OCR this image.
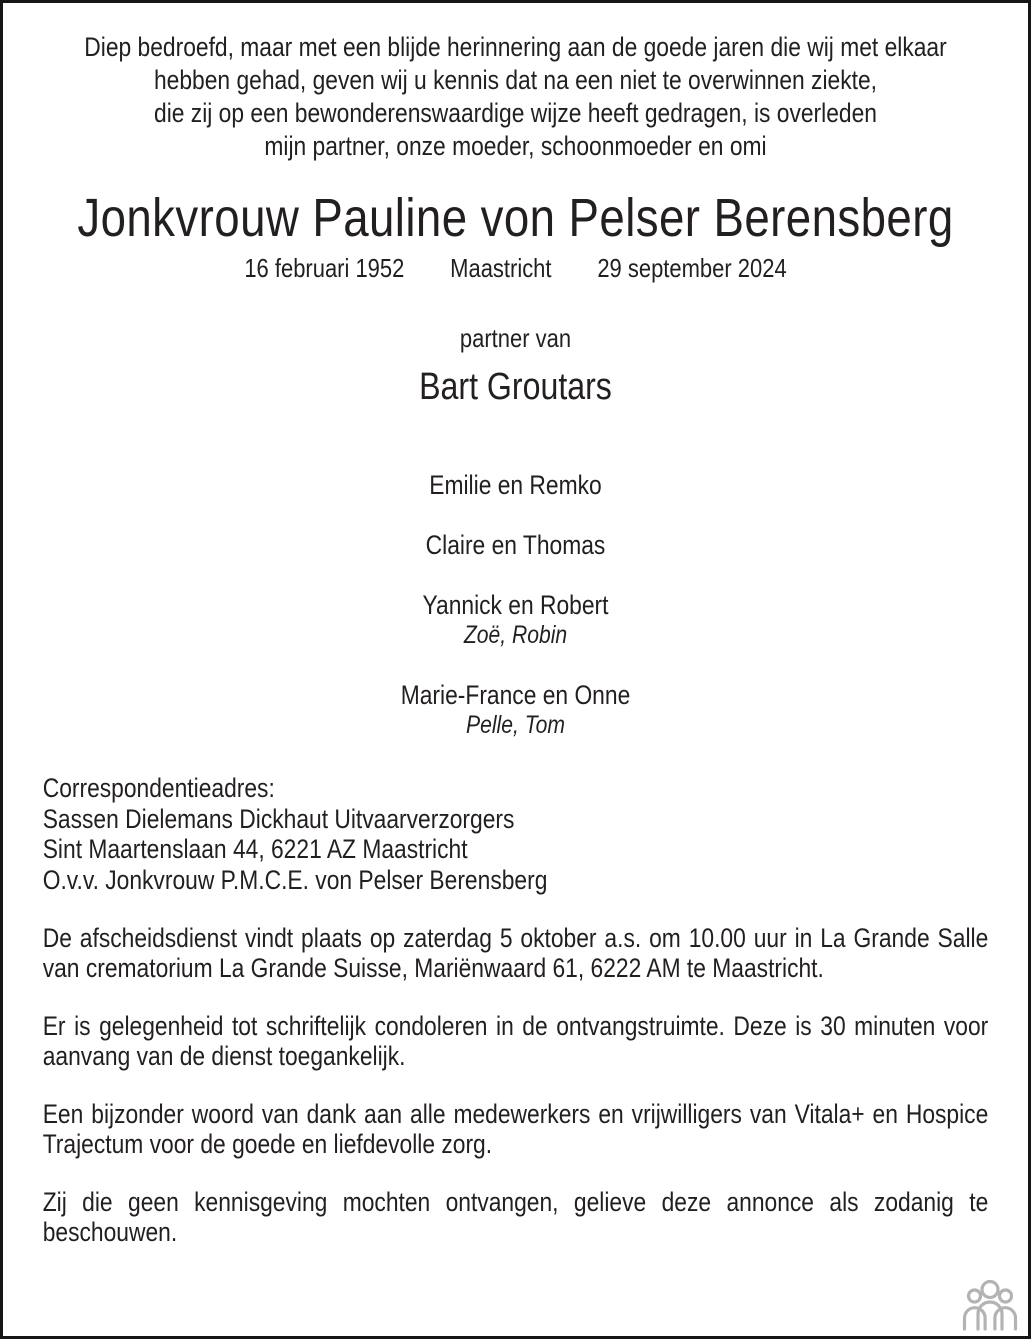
Diep bedroefd, maar met een blijde herinnering aan de goede jaren die wij met elkaar
hebben gehad, geven wij u kennis dat na een niet te overwinnen ziekte,
die zij op een bewonderenswaardige wijze heeft gedragen, is overleden
mijn partner, onze moeder, schoonmoeder en omi
Jonkvrouw Pauline von Pelser Berensberg
16 februari 1952 Maastricht 29 september 2024
partner van
Bart Groutars
Emilie en Remko
Claire en Thomas
Yannick en Robert
Zoë, Robin
Marie-France en Onne
Pelle, Tom
Correspondentieadres:
Sassen Dielemans Dickhaut Uitvaarverzorgers
Sint Maartenslaan 44, 6221 AZ Maastricht
O.v.v. Jonkvrouw P.M.C.E. von Pelser Berensberg
De afscheidsdienst vindt plaats op zaterdag 5 oktober a.s. om 10.00 uur in La Grande Salle van crematorium La Grande Suisse, Mariënwaard 61, 6222 AM te Maastricht.
Er is gelegenheid tot schriftelijk condoleren in de ontvangstruimte. Deze is 30 minuten voor aanvang van de dienst toegankelijk.
Een bijzonder woord van dank aan alle medewerkers en vrijwilligers van Vitala+ en Hospice Trajectum voor de goede en liefdevolle zorg.
Zij die geen kennisgeving mochten ontvangen, gelieve deze annonce als zodanig te beschouwen.
